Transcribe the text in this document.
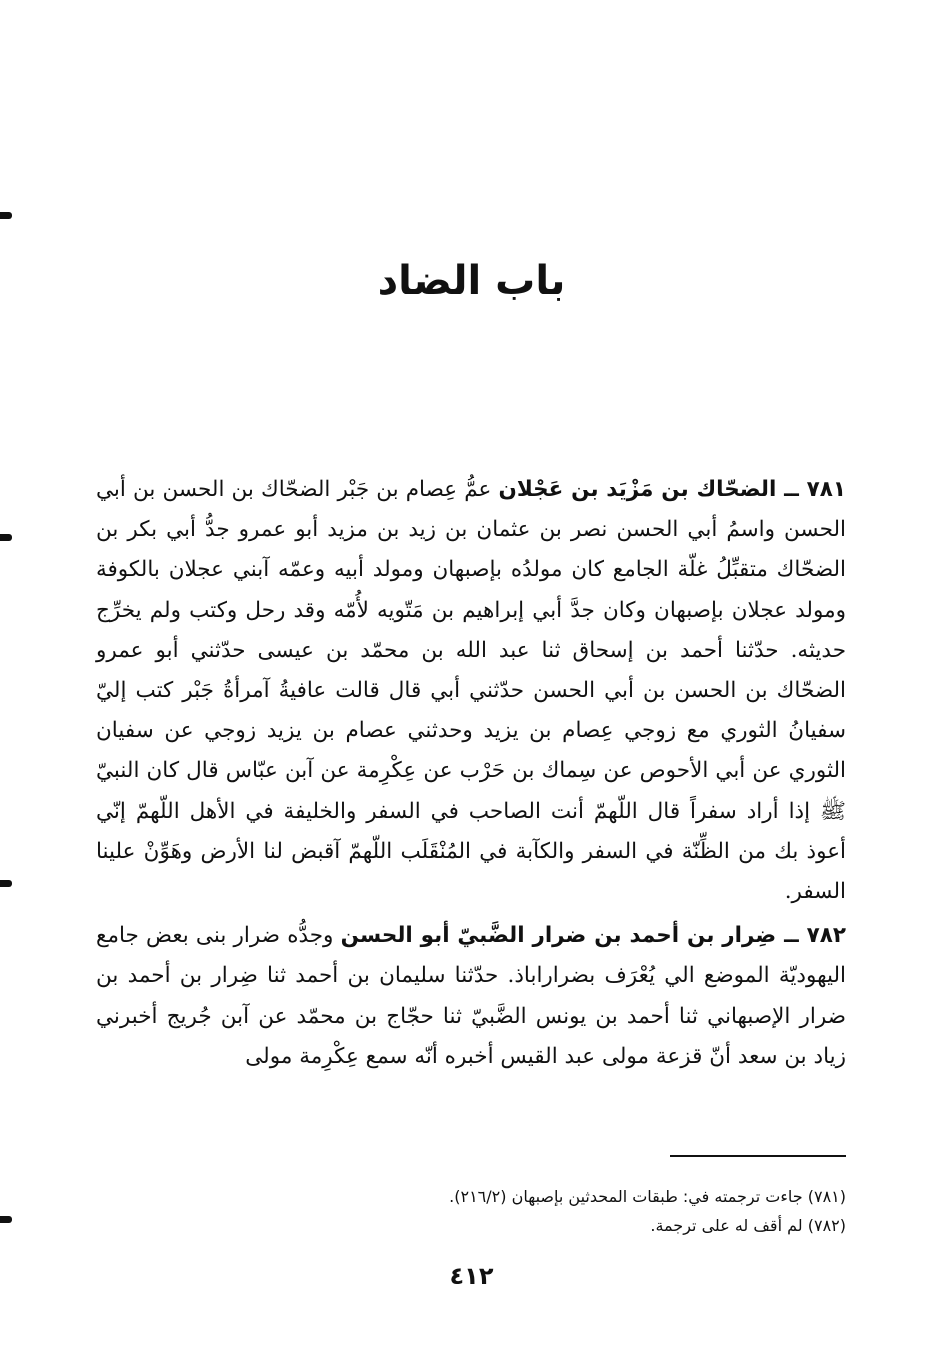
باب الضاد

٧٨١ ــ الضحّاك بن مَزْيَد بن عَجْلان عمُّ عِصام بن جَبْر الضحّاك بن الحسن بن أبي الحسن واسمُ أبي الحسن نصر بن عثمان بن زيد بن مزيد أبو عمرو جدُّ أبي بكر بن الضحّاك متقبِّلُ غلّة الجامع كان مولدُه بإصبهان ومولد أبيه وعمّه آبني عجلان بالكوفة ومولد عجلان بإصبهان وكان جدَّ أبي إبراهيم بن مَتّويه لأُمّه وقد رحل وكتب ولم يخرِّج حديثه. حدّثنا أحمد بن إسحاق ثنا عبد الله بن محمّد بن عيسى حدّثني أبو عمرو الضحّاك بن الحسن بن أبي الحسن حدّثني أبي قال قالت عافيةُ آمرأةُ جَبْر كتب إليّ سفيانُ الثوري مع زوجي عِصام بن يزيد وحدثني عصام بن يزيد زوجي عن سفيان الثوري عن أبي الأحوص عن سِماك بن حَرْب عن عِكْرِمة عن آبن عبّاس قال كان النبيّ ﷺ إذا أراد سفراً قال اللّهمّ أنت الصاحب في السفر والخليفة في الأهل اللّهمّ إنّي أعوذ بك من الظِّنّة في السفر والكآبة في المُنْقَلَب اللّهمّ آقبض لنا الأرض وهَوِّنْ علينا السفر.

٧٨٢ ــ ضِرار بن أحمد بن ضرار الضَّبيّ أبو الحسن وجدُّه ضرار بنى بعض جامع اليهوديّة الموضع الي يُعْرَف بضراراباذ. حدّثنا سليمان بن أحمد ثنا ضِرار بن أحمد بن ضرار الإصبهاني ثنا أحمد بن يونس الضَّبيّ ثنا حجّاج بن محمّد عن آبن جُريج أخبرني زياد بن سعد أنّ قزعة مولى عبد القيس أخبره أنّه سمع عِكْرِمة مولى

(٧٨١) جاءت ترجمته في: طبقات المحدثين بإصبهان (٢١٦/٢).

(٧٨٢) لم أقف له على ترجمة.

٤١٢
